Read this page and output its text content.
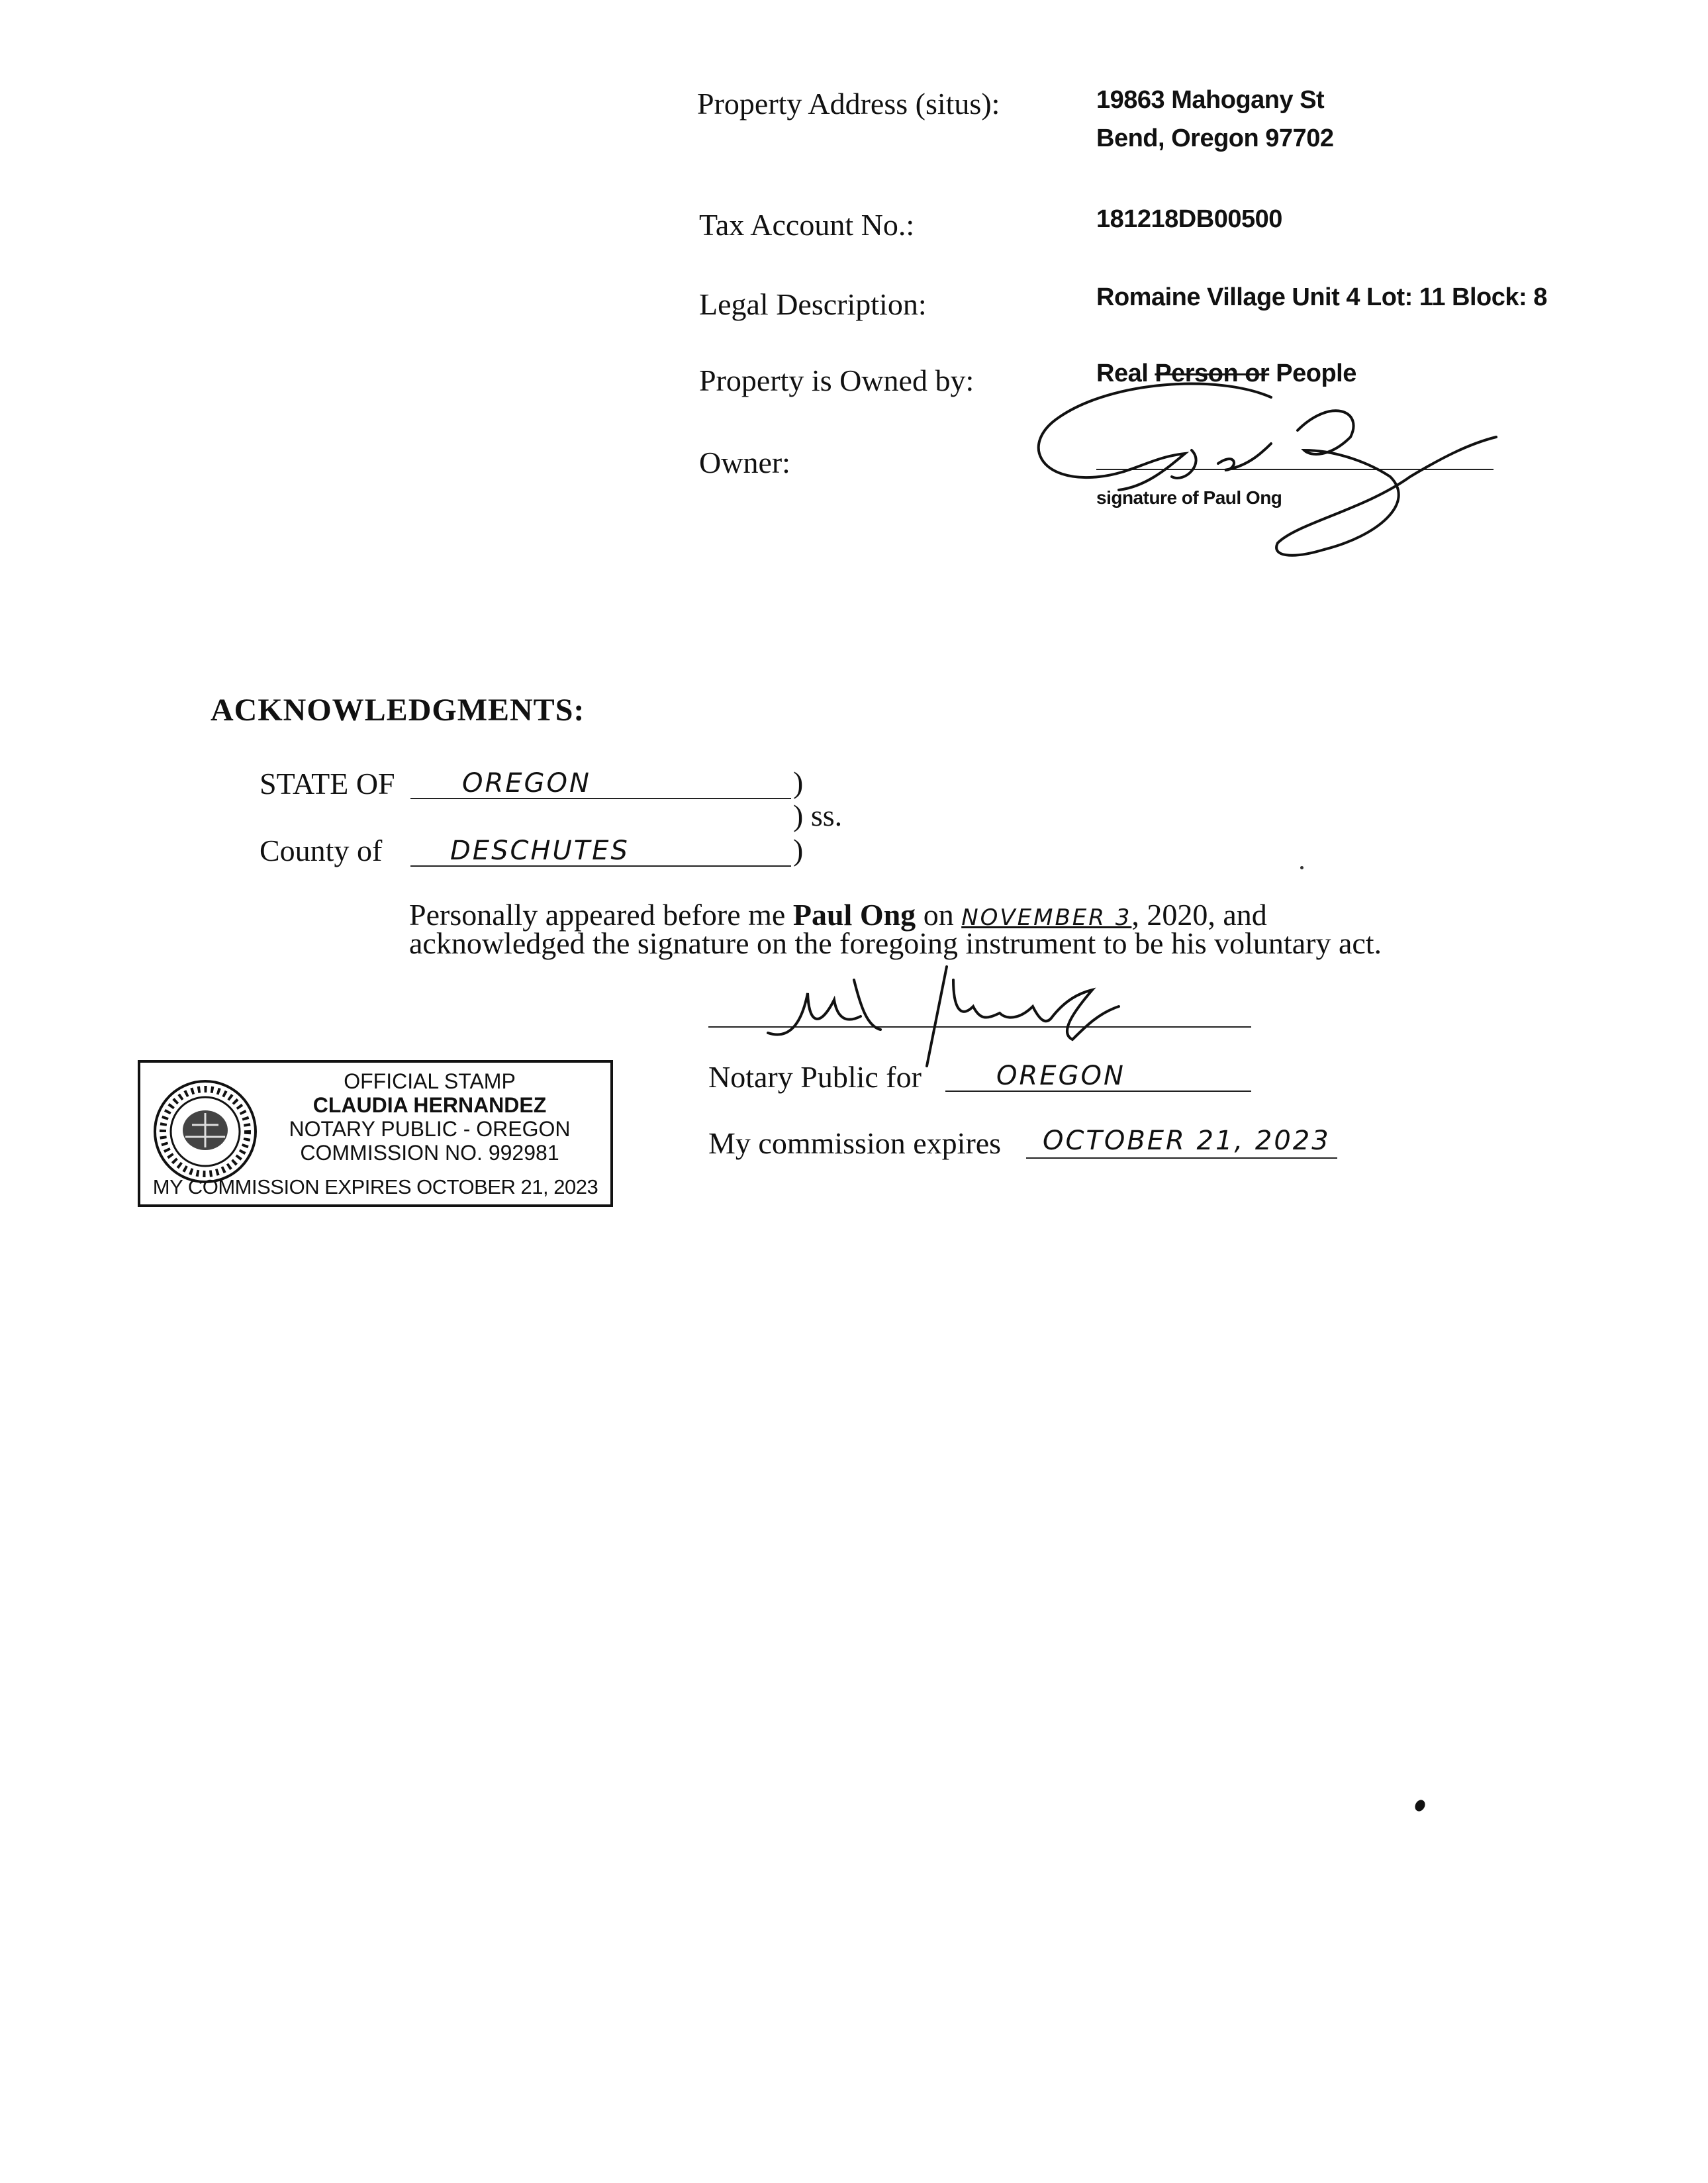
Property Address (situs):	19863 Mahogany St
Bend, Oregon 97702
Tax Account No.:	181218DB00500
Legal Description:	Romaine Village Unit 4 Lot: 11 Block: 8
Property is Owned by:	Real Person or People
Owner:
signature of Paul Ong
ACKNOWLEDGMENTS:
STATE OF	OREGON	)
) ss.
County of	DESCHUTES	)
Personally appeared before me Paul Ong on NOVEMBER 3, 2020, and
acknowledged the signature on the foregoing instrument to be his voluntary act.
Notary Public for	OREGON
My commission expires OCTOBER 21, 2023
OFFICIAL STAMP
CLAUDIA HERNANDEZ
NOTARY PUBLIC - OREGON
COMMISSION NO. 992981
MY COMMISSION EXPIRES OCTOBER 21, 2023
